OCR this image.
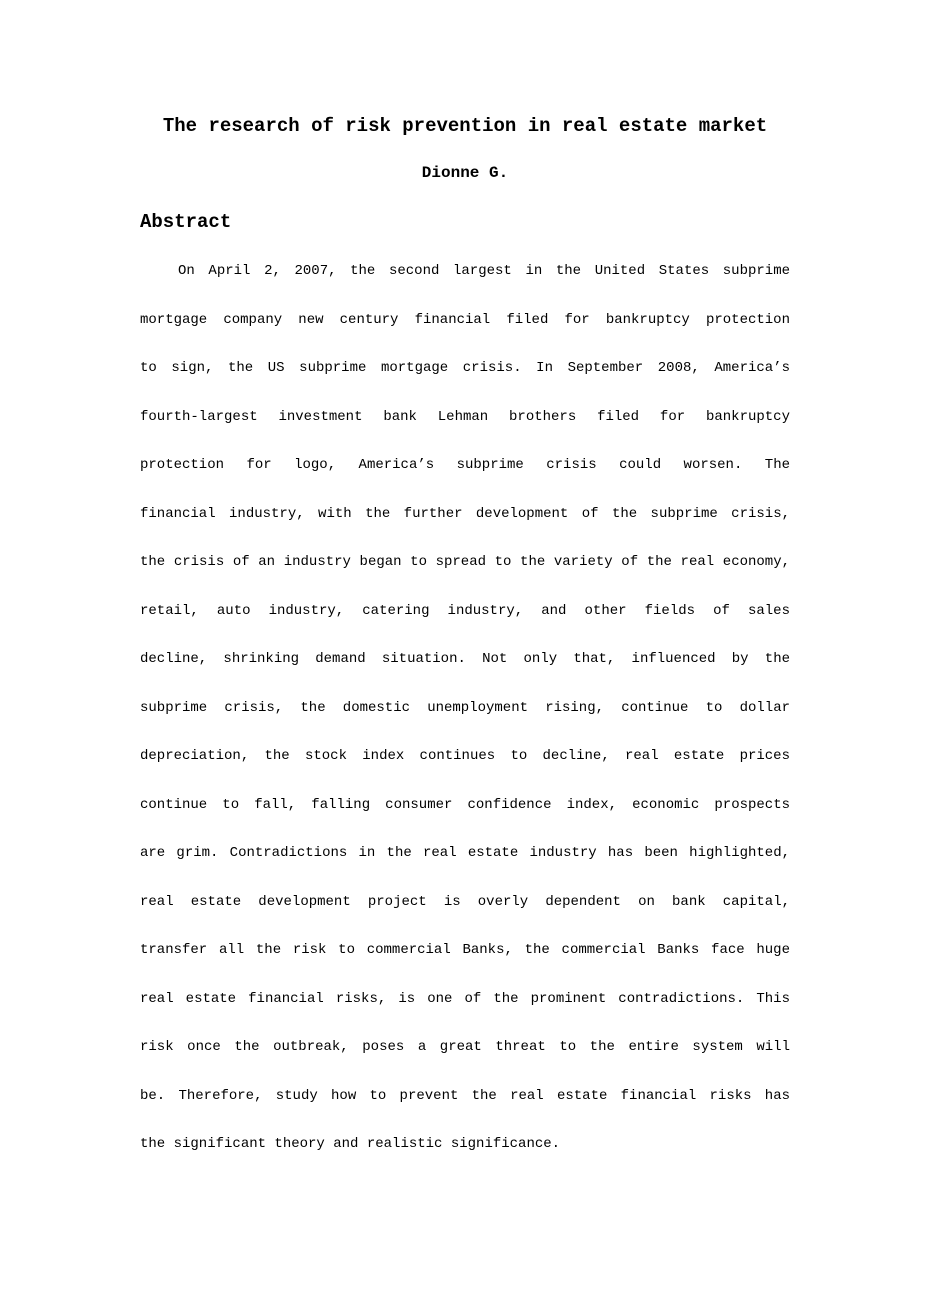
The research of risk prevention in real estate market
Dionne G.
Abstract
On April 2, 2007, the second largest in the United States subprime
mortgage company new century financial filed for bankruptcy protection
to sign, the US subprime mortgage crisis. In September 2008, America’s
fourth-largest investment bank Lehman brothers filed for bankruptcy
protection for logo, America’s subprime crisis could worsen. The
financial industry, with the further development of the subprime crisis,
the crisis of an industry began to spread to the variety of the real economy,
retail, auto industry, catering industry, and other fields of sales
decline, shrinking demand situation. Not only that, influenced by the
subprime crisis, the domestic unemployment rising, continue to dollar
depreciation, the stock index continues to decline, real estate prices
continue to fall, falling consumer confidence index, economic prospects
are grim. Contradictions in the real estate industry has been highlighted,
real estate development project is overly dependent on bank capital,
transfer all the risk to commercial Banks, the commercial Banks face huge
real estate financial risks, is one of the prominent contradictions. This
risk once the outbreak, poses a great threat to the entire system will
be. Therefore, study how to prevent the real estate financial risks has
the significant theory and realistic significance.
